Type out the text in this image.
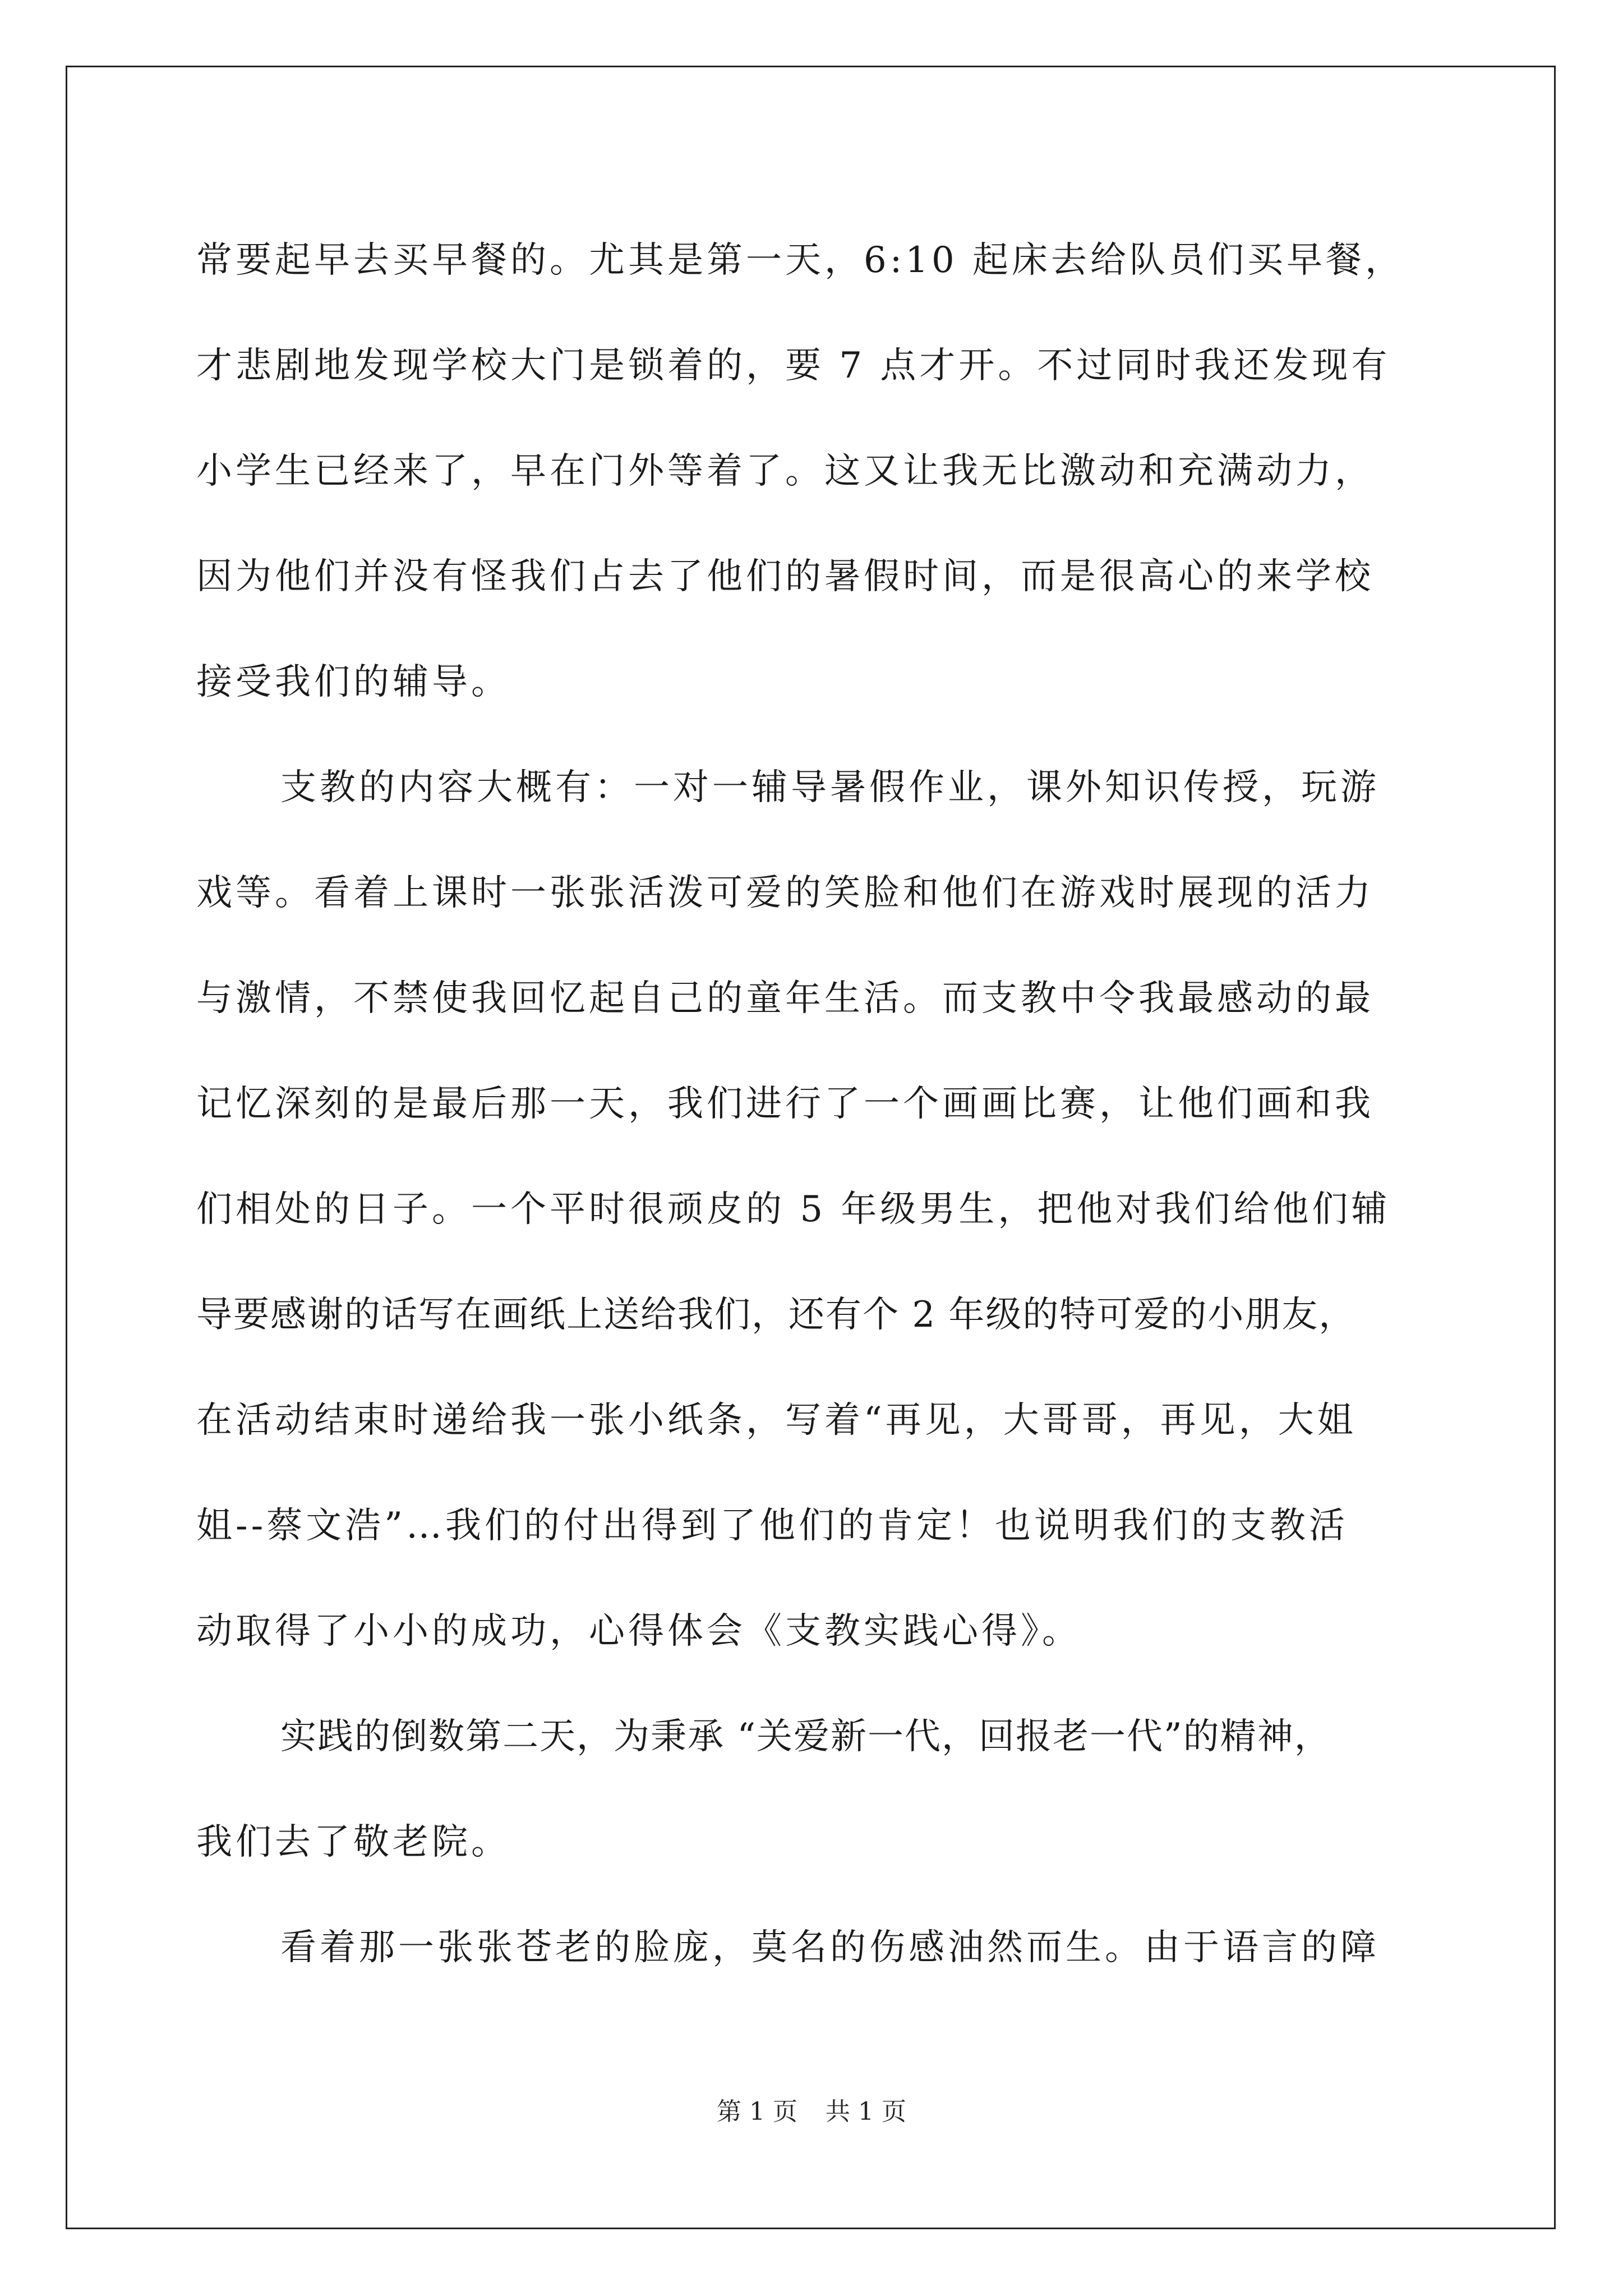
常要起早去买早餐的。尤其是第一天，6:10 起床去给队员们买早餐，
才悲剧地发现学校大门是锁着的，要 7 点才开。不过同时我还发现有
小学生已经来了，早在门外等着了。这又让我无比激动和充满动力，
因为他们并没有怪我们占去了他们的暑假时间，而是很高心的来学校
接受我们的辅导。
支教的内容大概有：一对一辅导暑假作业，课外知识传授，玩游
戏等。看着上课时一张张活泼可爱的笑脸和他们在游戏时展现的活力
与激情，不禁使我回忆起自己的童年生活。而支教中令我最感动的最
记忆深刻的是最后那一天，我们进行了一个画画比赛，让他们画和我
们相处的日子。一个平时很顽皮的 5 年级男生，把他对我们给他们辅
导要感谢的话写在画纸上送给我们，还有个 2 年级的特可爱的小朋友，
在活动结束时递给我一张小纸条，写着“再见，大哥哥，再见，大姐
姐--蔡文浩”…我们的付出得到了他们的肯定！也说明我们的支教活
动取得了小小的成功，心得体会《支教实践心得》。
实践的倒数第二天，为秉承 “关爱新一代，回报老一代”的精神，
我们去了敬老院。
看着那一张张苍老的脸庞，莫名的伤感油然而生。由于语言的障
第 1 页 共 1 页
